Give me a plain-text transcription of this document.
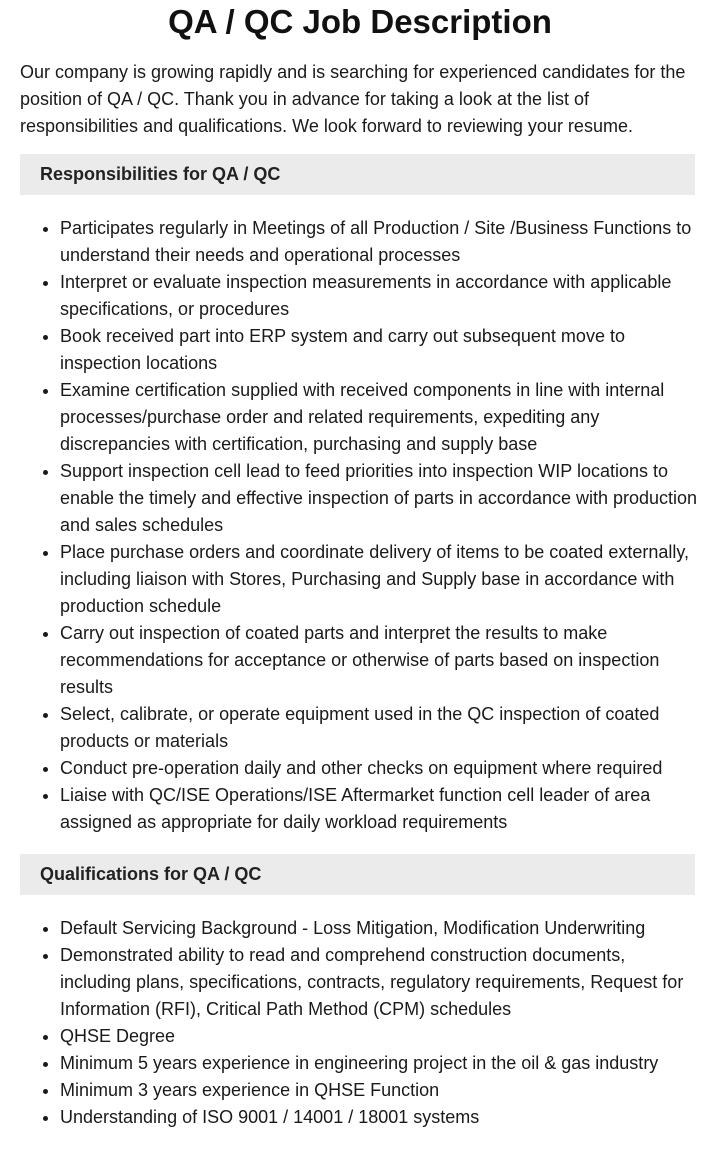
QA / QC Job Description

Our company is growing rapidly and is searching for experienced candidates for the position of QA / QC. Thank you in advance for taking a look at the list of responsibilities and qualifications. We look forward to reviewing your resume.

Responsibilities for QA / QC
• Participates regularly in Meetings of all Production / Site /Business Functions to understand their needs and operational processes
• Interpret or evaluate inspection measurements in accordance with applicable specifications, or procedures
• Book received part into ERP system and carry out subsequent move to inspection locations
• Examine certification supplied with received components in line with internal processes/purchase order and related requirements, expediting any discrepancies with certification, purchasing and supply base
• Support inspection cell lead to feed priorities into inspection WIP locations to enable the timely and effective inspection of parts in accordance with production and sales schedules
• Place purchase orders and coordinate delivery of items to be coated externally, including liaison with Stores, Purchasing and Supply base in accordance with production schedule
• Carry out inspection of coated parts and interpret the results to make recommendations for acceptance or otherwise of parts based on inspection results
• Select, calibrate, or operate equipment used in the QC inspection of coated products or materials
• Conduct pre-operation daily and other checks on equipment where required
• Liaise with QC/ISE Operations/ISE Aftermarket function cell leader of area assigned as appropriate for daily workload requirements
Qualifications for QA / QC
• Default Servicing Background - Loss Mitigation, Modification Underwriting
• Demonstrated ability to read and comprehend construction documents, including plans, specifications, contracts, regulatory requirements, Request for Information (RFI), Critical Path Method (CPM) schedules
• QHSE Degree
• Minimum 5 years experience in engineering project in the oil & gas industry
• Minimum 3 years experience in QHSE Function
• Understanding of ISO 9001 / 14001 / 18001 systems
